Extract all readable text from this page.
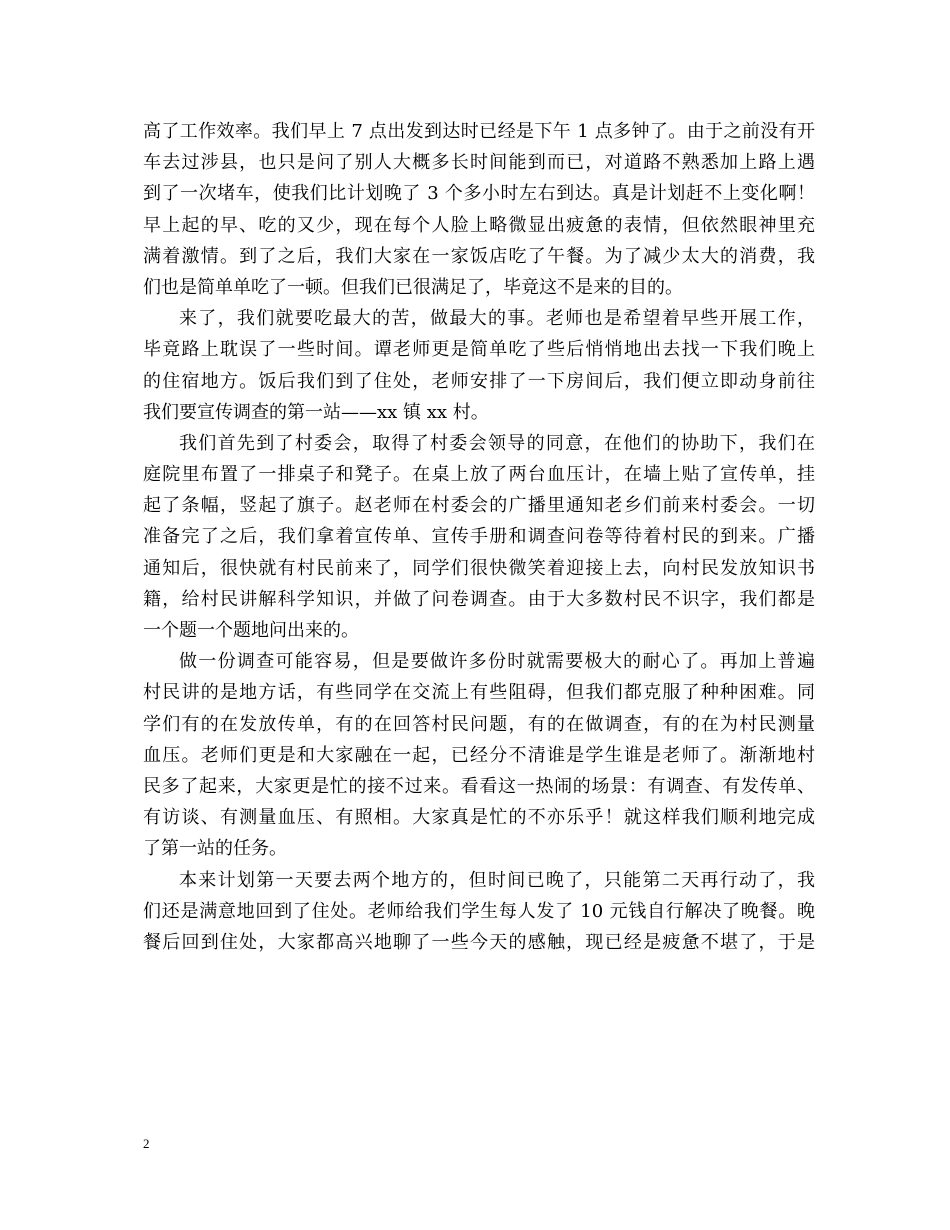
高了工作效率。我们早上 7 点出发到达时已经是下午 1 点多钟了。由于之前没有开
车去过涉县，也只是问了别人大概多长时间能到而已，对道路不熟悉加上路上遇
到了一次堵车，使我们比计划晚了 3 个多小时左右到达。真是计划赶不上变化啊！
早上起的早、吃的又少，现在每个人脸上略微显出疲惫的表情，但依然眼神里充
满着激情。到了之后，我们大家在一家饭店吃了午餐。为了减少太大的消费，我
们也是简单单吃了一顿。但我们已很满足了，毕竟这不是来的目的。
来了，我们就要吃最大的苦，做最大的事。老师也是希望着早些开展工作，
毕竟路上耽误了一些时间。谭老师更是简单吃了些后悄悄地出去找一下我们晚上
的住宿地方。饭后我们到了住处，老师安排了一下房间后，我们便立即动身前往
我们要宣传调查的第一站——xx 镇 xx 村。
我们首先到了村委会，取得了村委会领导的同意，在他们的协助下，我们在
庭院里布置了一排桌子和凳子。在桌上放了两台血压计，在墙上贴了宣传单，挂
起了条幅，竖起了旗子。赵老师在村委会的广播里通知老乡们前来村委会。一切
准备完了之后，我们拿着宣传单、宣传手册和调查问卷等待着村民的到来。广播
通知后，很快就有村民前来了，同学们很快微笑着迎接上去，向村民发放知识书
籍，给村民讲解科学知识，并做了问卷调查。由于大多数村民不识字，我们都是
一个题一个题地问出来的。
做一份调查可能容易，但是要做许多份时就需要极大的耐心了。再加上普遍
村民讲的是地方话，有些同学在交流上有些阻碍，但我们都克服了种种困难。同
学们有的在发放传单，有的在回答村民问题，有的在做调查，有的在为村民测量
血压。老师们更是和大家融在一起，已经分不清谁是学生谁是老师了。渐渐地村
民多了起来，大家更是忙的接不过来。看看这一热闹的场景：有调查、有发传单、
有访谈、有测量血压、有照相。大家真是忙的不亦乐乎！就这样我们顺利地完成
了第一站的任务。
本来计划第一天要去两个地方的，但时间已晚了，只能第二天再行动了，我
们还是满意地回到了住处。老师给我们学生每人发了 10 元钱自行解决了晚餐。晚
餐后回到住处，大家都高兴地聊了一些今天的感触，现已经是疲惫不堪了，于是
2
